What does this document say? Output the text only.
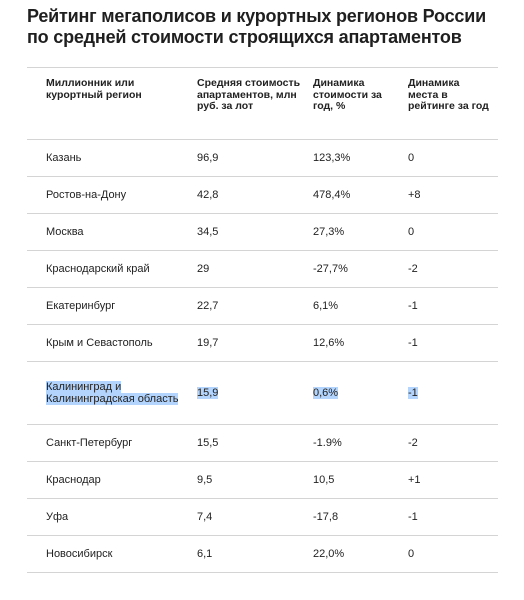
Рейтинг мегаполисов и курортных регионов России по средней стоимости строящихся апартаментов
Миллионник или курортный регион	Средняя стоимость апартаментов, млн руб. за лот	Динамика стоимости за год, %	Динамика места в рейтинге за год
Казань	96,9	123,3%	0
Ростов-на-Дону	42,8	478,4%	+8
Москва	34,5	27,3%	0
Краснодарский край	29	-27,7%	-2
Екатеринбург	22,7	6,1%	-1
Крым и Севастополь	19,7	12,6%	-1
Калининград и Калининградская область	15,9	0,6%	-1
Санкт-Петербург	15,5	-1.9%	-2
Краснодар	9,5	10,5	+1
Уфа	7,4	-17,8	-1
Новосибирск	6,1	22,0%	0
